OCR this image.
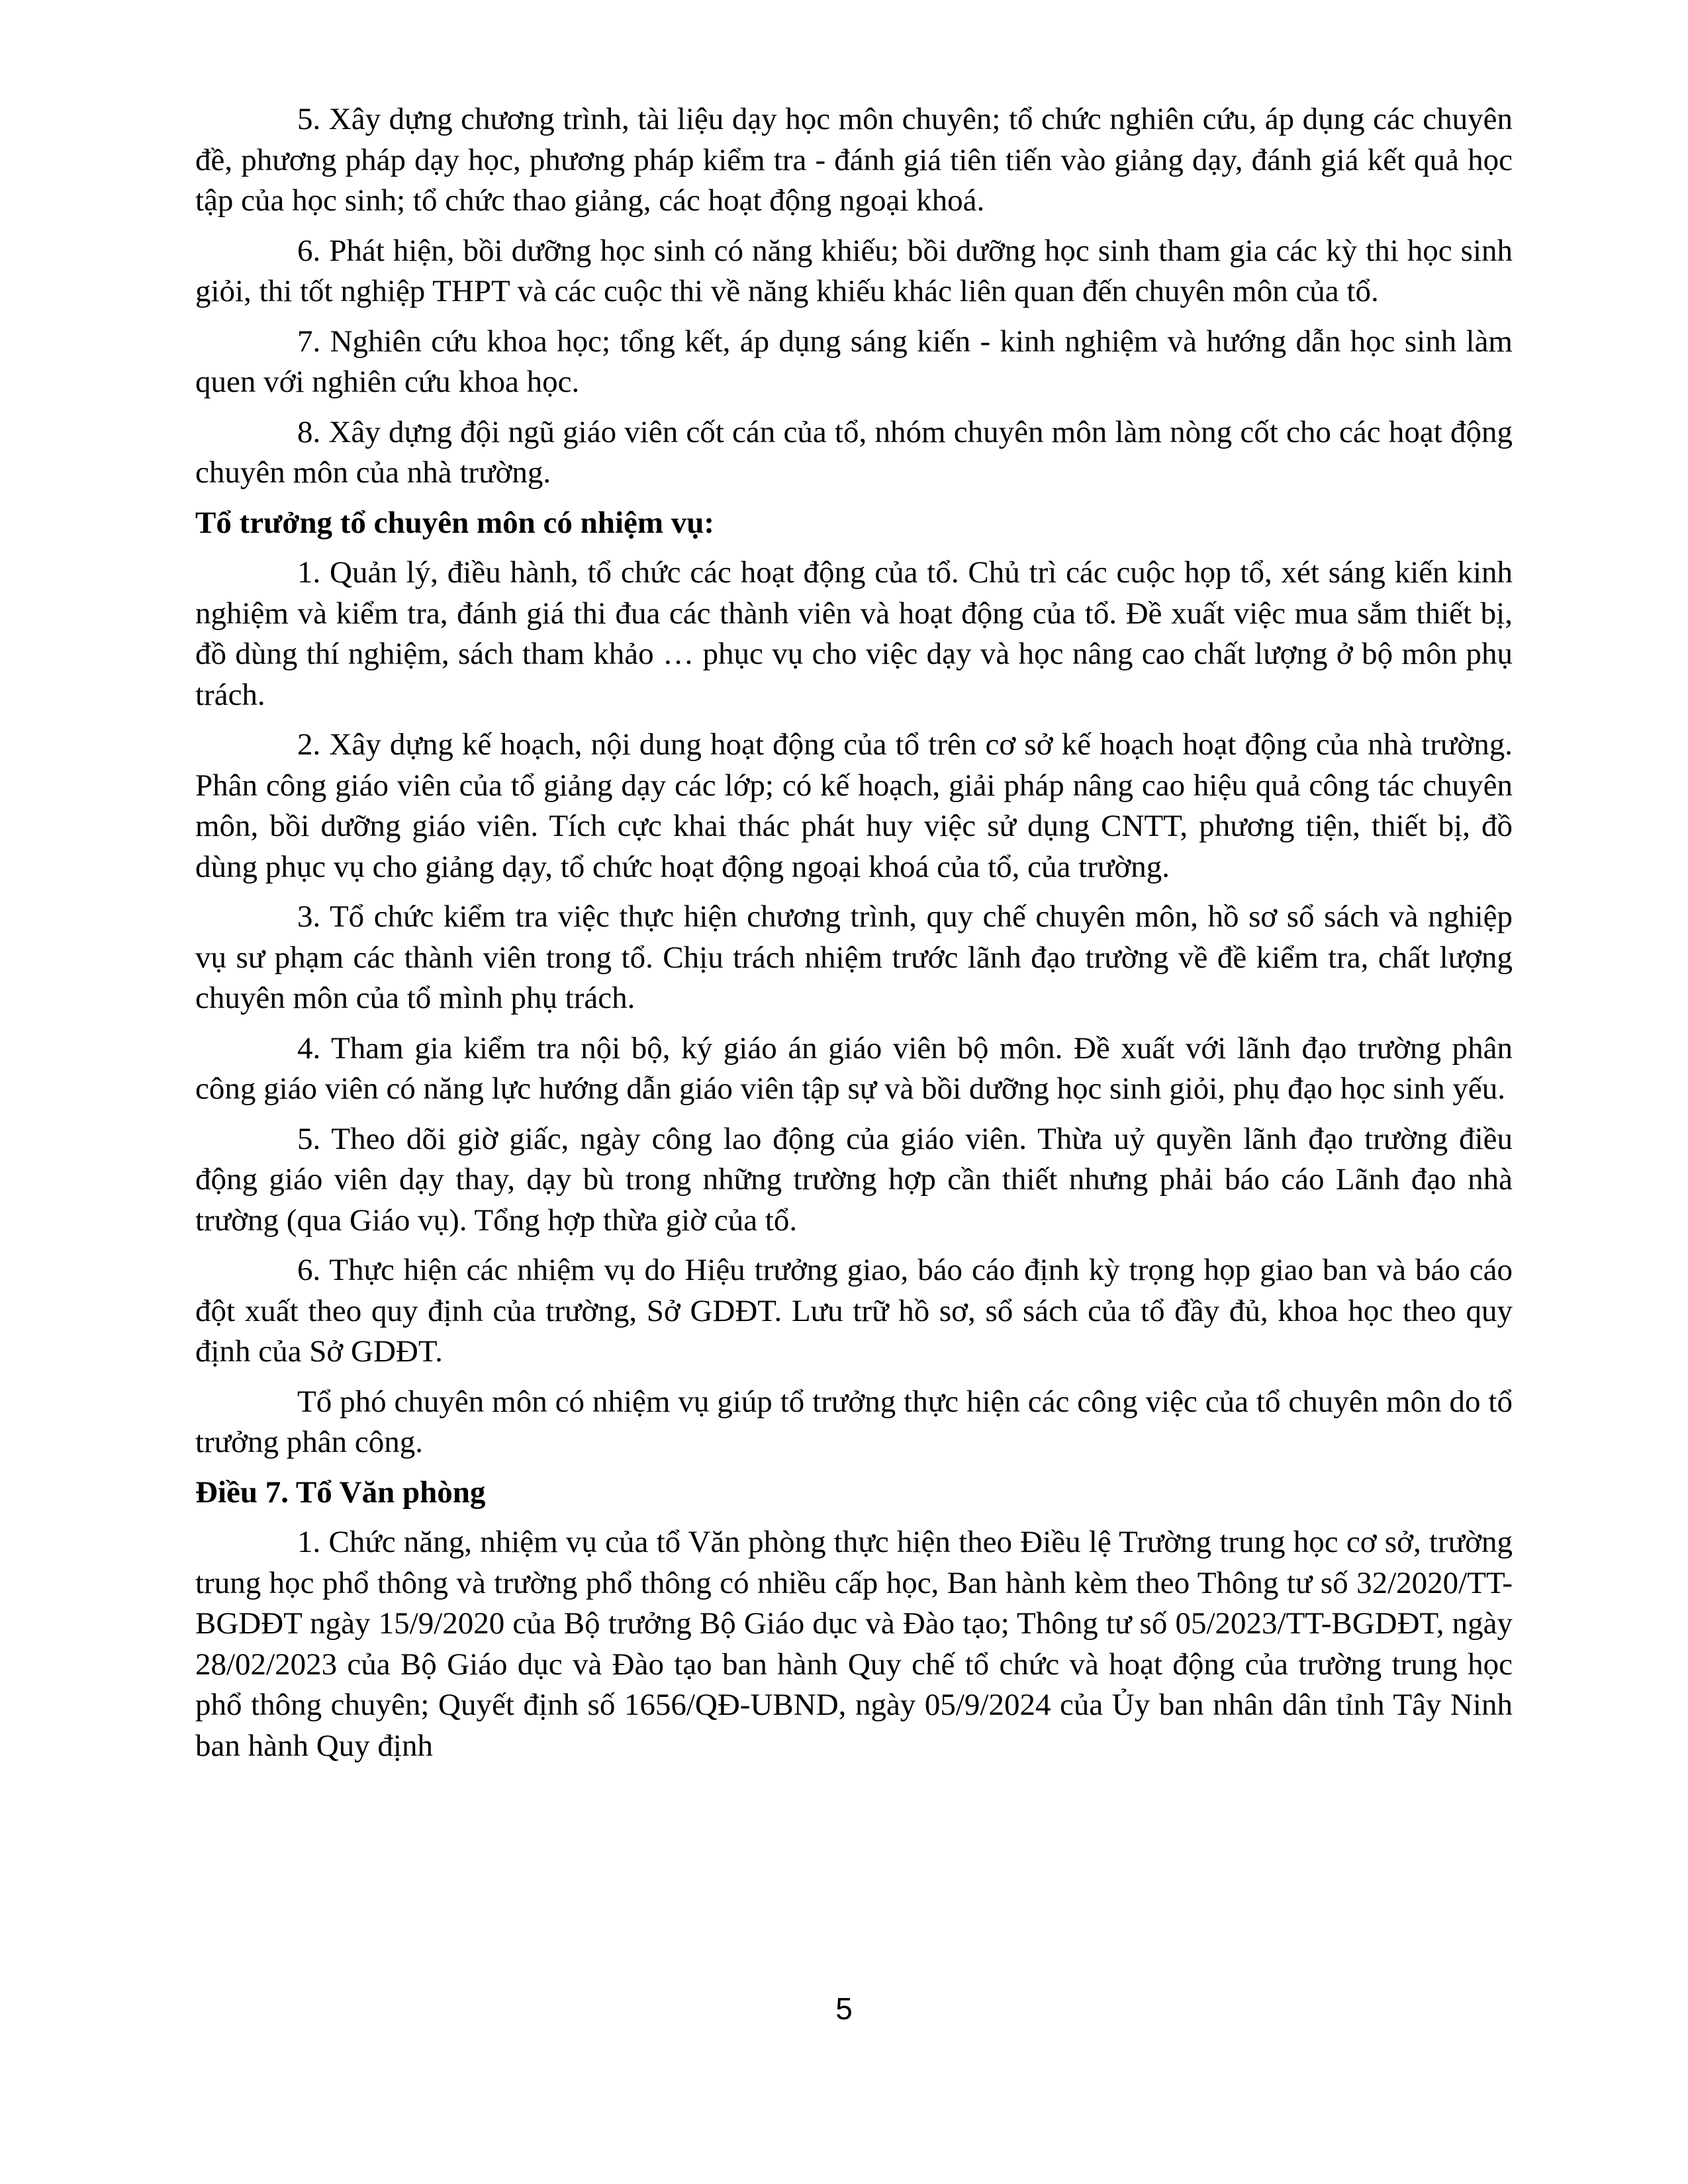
5. Xây dựng chương trình, tài liệu dạy học môn chuyên; tổ chức nghiên cứu, áp dụng các chuyên đề, phương pháp dạy học, phương pháp kiểm tra - đánh giá tiên tiến vào giảng dạy, đánh giá kết quả học tập của học sinh; tổ chức thao giảng, các hoạt động ngoại khoá.

6. Phát hiện, bồi dưỡng học sinh có năng khiếu; bồi dưỡng học sinh tham gia các kỳ thi học sinh giỏi, thi tốt nghiệp THPT và các cuộc thi về năng khiếu khác liên quan đến chuyên môn của tổ.

7. Nghiên cứu khoa học; tổng kết, áp dụng sáng kiến - kinh nghiệm và hướng dẫn học sinh làm quen với nghiên cứu khoa học.

8. Xây dựng đội ngũ giáo viên cốt cán của tổ, nhóm chuyên môn làm nòng cốt cho các hoạt động chuyên môn của nhà trường.

Tổ trưởng tổ chuyên môn có nhiệm vụ:

1. Quản lý, điều hành, tổ chức các hoạt động của tổ. Chủ trì các cuộc họp tổ, xét sáng kiến kinh nghiệm và kiểm tra, đánh giá thi đua các thành viên và hoạt động của tổ. Đề xuất việc mua sắm thiết bị, đồ dùng thí nghiệm, sách tham khảo … phục vụ cho việc dạy và học nâng cao chất lượng ở bộ môn phụ trách.

2. Xây dựng kế hoạch, nội dung hoạt động của tổ trên cơ sở kế hoạch hoạt động của nhà trường. Phân công giáo viên của tổ giảng dạy các lớp; có kế hoạch, giải pháp nâng cao hiệu quả công tác chuyên môn, bồi dưỡng giáo viên. Tích cực khai thác phát huy việc sử dụng CNTT, phương tiện, thiết bị, đồ dùng phục vụ cho giảng dạy, tổ chức hoạt động ngoại khoá của tổ, của trường.

3. Tổ chức kiểm tra việc thực hiện chương trình, quy chế chuyên môn, hồ sơ sổ sách và nghiệp vụ sư phạm các thành viên trong tổ. Chịu trách nhiệm trước lãnh đạo trường về đề kiểm tra, chất lượng chuyên môn của tổ mình phụ trách.

4. Tham gia kiểm tra nội bộ, ký giáo án giáo viên bộ môn. Đề xuất với lãnh đạo trường phân công giáo viên có năng lực hướng dẫn giáo viên tập sự và bồi dưỡng học sinh giỏi, phụ đạo học sinh yếu.

5. Theo dõi giờ giấc, ngày công lao động của giáo viên. Thừa uỷ quyền lãnh đạo trường điều động giáo viên dạy thay, dạy bù trong những trường hợp cần thiết nhưng phải báo cáo Lãnh đạo nhà trường (qua Giáo vụ). Tổng hợp thừa giờ của tổ.

6. Thực hiện các nhiệm vụ do Hiệu trưởng giao, báo cáo định kỳ trọng họp giao ban và báo cáo đột xuất theo quy định của trường, Sở GDĐT. Lưu trữ hồ sơ, sổ sách của tổ đầy đủ, khoa học theo quy định của Sở GDĐT.

Tổ phó chuyên môn có nhiệm vụ giúp tổ trưởng thực hiện các công việc của tổ chuyên môn do tổ trưởng phân công.

Điều 7. Tổ Văn phòng

1. Chức năng, nhiệm vụ của tổ Văn phòng thực hiện theo Điều lệ Trường trung học cơ sở, trường trung học phổ thông và trường phổ thông có nhiều cấp học, Ban hành kèm theo Thông tư số 32/2020/TT-BGDĐT ngày 15/9/2020 của Bộ trưởng Bộ Giáo dục và Đào tạo; Thông tư số 05/2023/TT-BGDĐT, ngày 28/02/2023 của Bộ Giáo dục và Đào tạo ban hành Quy chế tổ chức và hoạt động của trường trung học phổ thông chuyên; Quyết định số 1656/QĐ-UBND, ngày 05/9/2024 của Ủy ban nhân dân tỉnh Tây Ninh ban hành Quy định

5
